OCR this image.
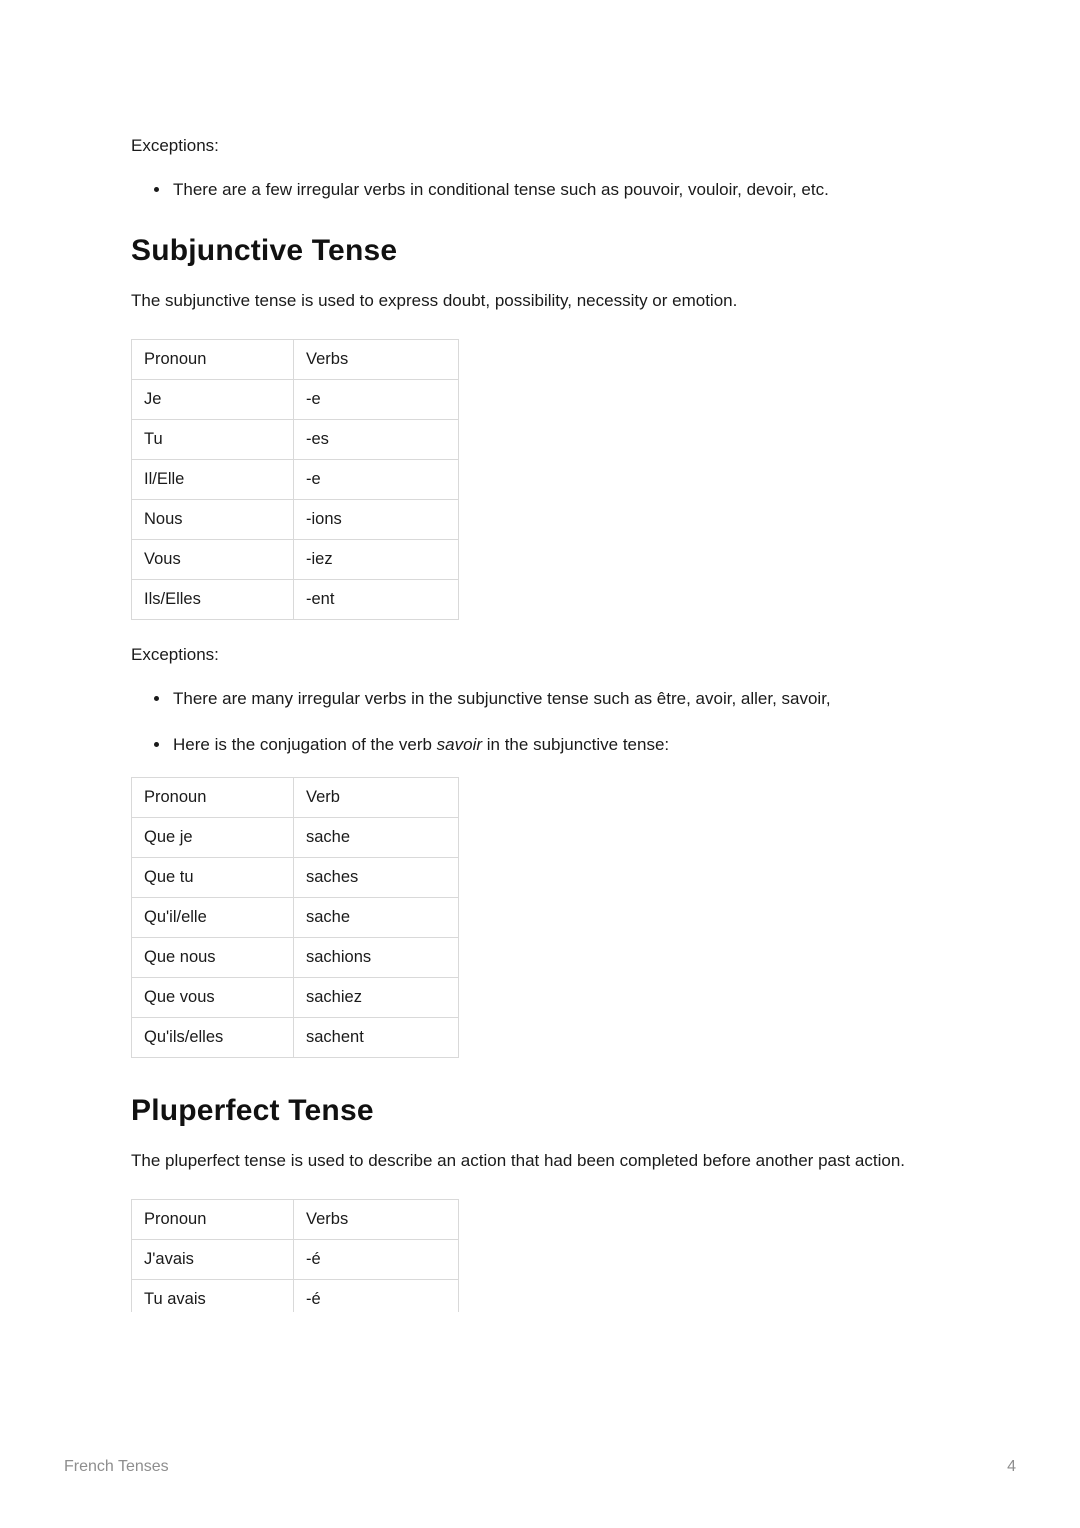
Exceptions:

• There are a few irregular verbs in conditional tense such as pouvoir, vouloir, devoir, etc.
Subjunctive Tense

The subjunctive tense is used to express doubt, possibility, necessity or emotion.

Pronoun	Verbs
Je	-e
Tu	-es
Il/Elle	-e
Nous	-ions
Vous	-iez
Ils/Elles	-ent

Exceptions:

• There are many irregular verbs in the subjunctive tense such as être, avoir, aller, savoir,
• Here is the conjugation of the verb savoir in the subjunctive tense:
Pronoun	Verb
Que je	sache
Que tu	saches
Qu'il/elle	sache
Que nous	sachions
Que vous	sachiez
Qu'ils/elles	sachent
Pluperfect Tense

The pluperfect tense is used to describe an action that had been completed before another past action.

Pronoun	Verbs
J'avais	-é
Tu avais	-é
French Tenses	4
